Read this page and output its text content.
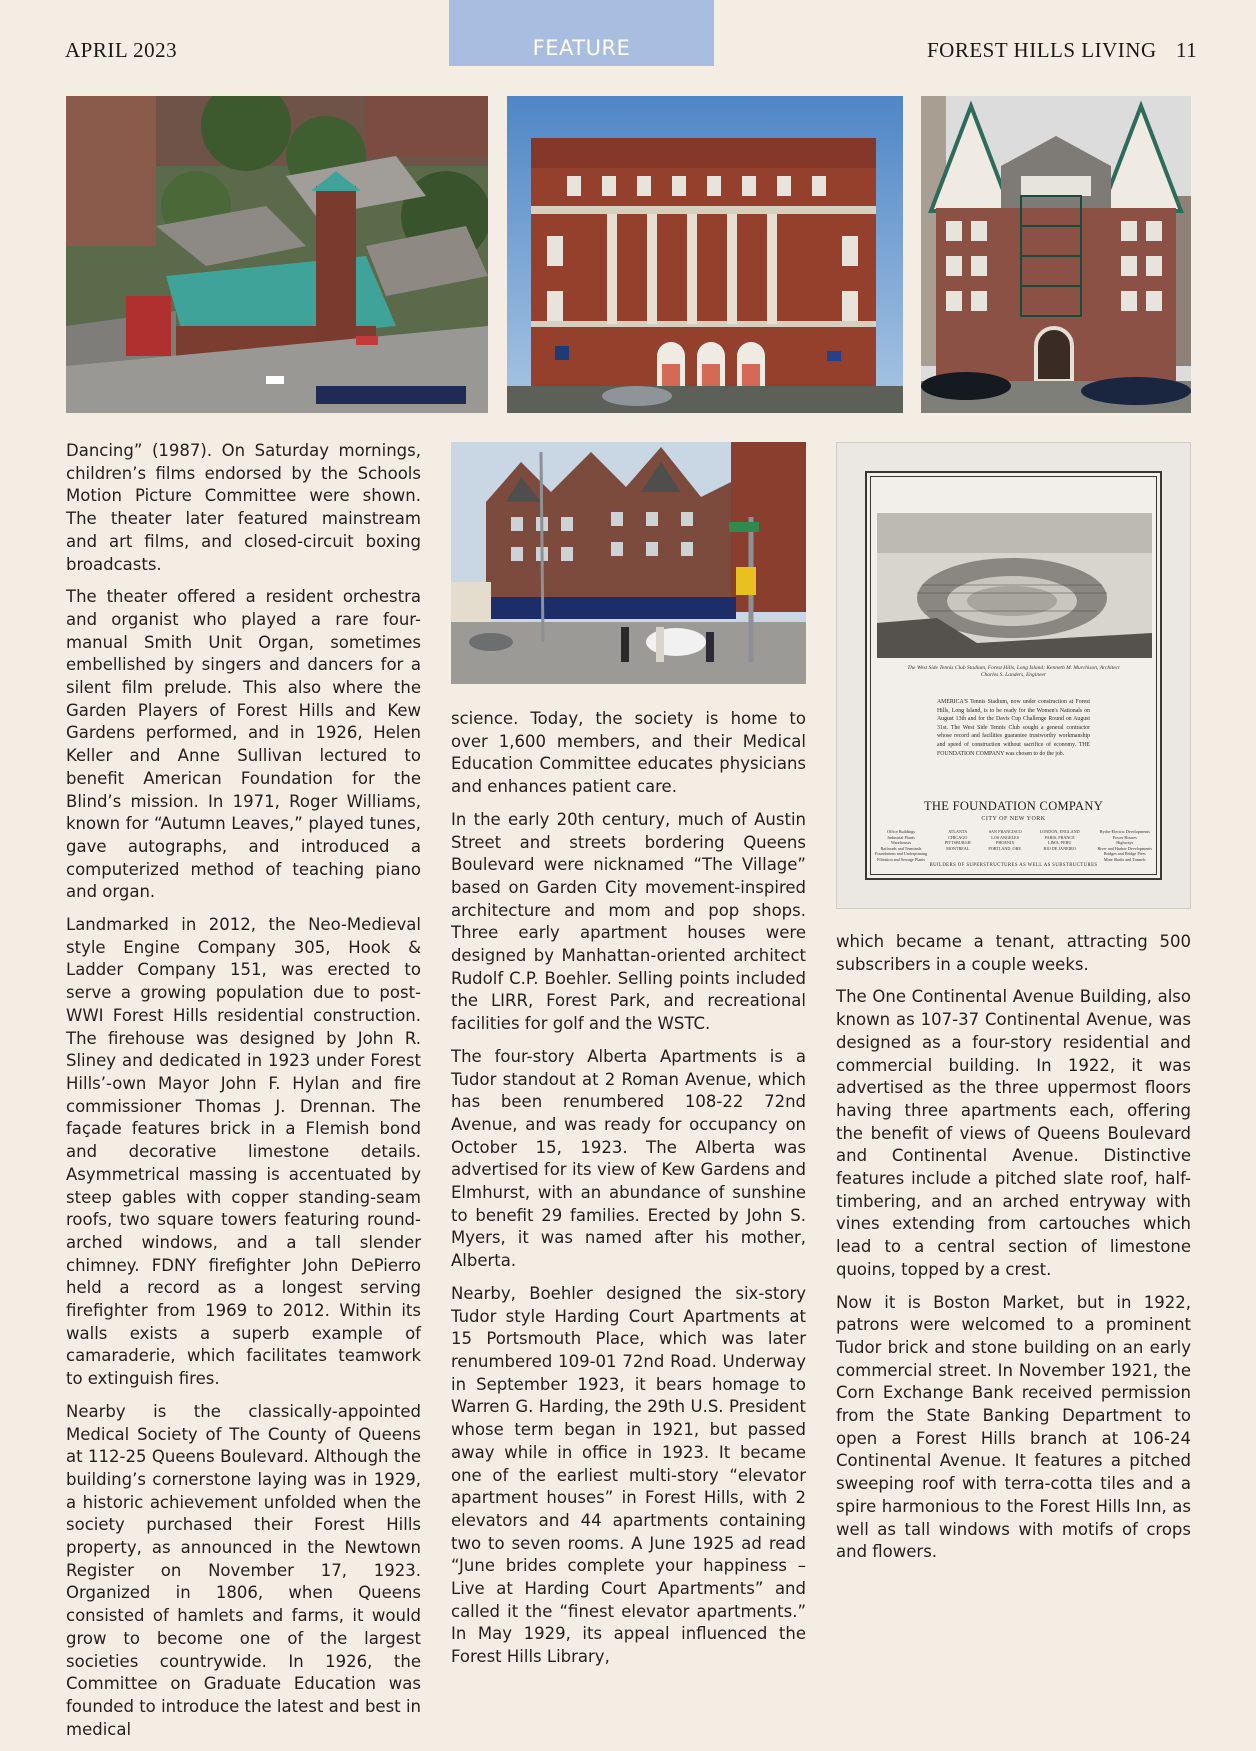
APRIL 2023	FEATURE	FOREST HILLS LIVING 11

Dancing” (1987). On Saturday mornings, children’s films endorsed by the Schools Motion Picture Committee were shown. The theater later featured mainstream and art films, and closed-circuit boxing broadcasts.

The theater offered a resident orchestra and organist who played a rare four-manual Smith Unit Organ, sometimes embellished by singers and dancers for a silent film prelude. This also where the Garden Players of Forest Hills and Kew Gardens performed, and in 1926, Helen Keller and Anne Sullivan lectured to benefit American Foundation for the Blind’s mission. In 1971, Roger Williams, known for “Autumn Leaves,” played tunes, gave autographs, and introduced a computerized method of teaching piano and organ.

Landmarked in 2012, the Neo-Medieval style Engine Company 305, Hook & Ladder Company 151, was erected to serve a growing population due to post-WWI Forest Hills residential construction. The firehouse was designed by John R. Sliney and dedicated in 1923 under Forest Hills’-own Mayor John F. Hylan and fire commissioner Thomas J. Drennan. The façade features brick in a Flemish bond and decorative limestone details. Asymmetrical massing is accentuated by steep gables with copper standing-seam roofs, two square towers featuring round-arched windows, and a tall slender chimney. FDNY firefighter John DePierro held a record as a longest serving firefighter from 1969 to 2012. Within its walls exists a superb example of camaraderie, which facilitates teamwork to extinguish fires.

Nearby is the classically-appointed Medical Society of The County of Queens at 112-25 Queens Boulevard. Although the building’s cornerstone laying was in 1929, a historic achievement unfolded when the society purchased their Forest Hills property, as announced in the Newtown Register on November 17, 1923. Organized in 1806, when Queens consisted of hamlets and farms, it would grow to become one of the largest societies countrywide. In 1926, the Committee on Graduate Education was founded to introduce the latest and best in medical

science. Today, the society is home to over 1,600 members, and their Medical Education Committee educates physicians and enhances patient care.

In the early 20th century, much of Austin Street and streets bordering Queens Boulevard were nicknamed “The Village” based on Garden City movement-inspired architecture and mom and pop shops. Three early apartment houses were designed by Manhattan-oriented architect Rudolf C.P. Boehler. Selling points included the LIRR, Forest Park, and recreational facilities for golf and the WSTC.

The four-story Alberta Apartments is a Tudor standout at 2 Roman Avenue, which has been renumbered 108-22 72nd Avenue, and was ready for occupancy on October 15, 1923. The Alberta was advertised for its view of Kew Gardens and Elmhurst, with an abundance of sunshine to benefit 29 families. Erected by John S. Myers, it was named after his mother, Alberta.

Nearby, Boehler designed the six-story Tudor style Harding Court Apartments at 15 Portsmouth Place, which was later renumbered 109-01 72nd Road. Underway in September 1923, it bears homage to Warren G. Harding, the 29th U.S. President whose term began in 1921, but passed away while in office in 1923. It became one of the earliest multi-story “elevator apartment houses” in Forest Hills, with 2 elevators and 44 apartments containing two to seven rooms. A June 1925 ad read “June brides complete your happiness – Live at Harding Court Apartments” and called it the “finest elevator apartments.” In May 1929, its appeal influenced the Forest Hills Library,

The West Side Tennis Club Stadium, Forest Hills, Long Island; Kenneth M. Murchison, Architect
Charles S. Landers, Engineer
AMERICA'S Tennis Stadium, now under construction at Forest Hills, Long Island, is to be ready for the Women's Nationals on August 13th and for the Davis Cup Challenge Round on August 31st. The West Side Tennis Club sought a general contractor whose record and facilities guarantee trustworthy workmanship and speed of construction without sacrifice of economy. THE FOUNDATION COMPANY was chosen to do the job.
THE FOUNDATION COMPANY
CITY OF NEW YORK
Office Buildings
Industrial Plants
Warehouses
Railroads and Terminals
Foundations and Underpinning
Filtration and Sewage Plants
ATLANTA
CHICAGO
PITTSBURGH
MONTREAL
SAN FRANCISCO
LOS ANGELES
PHOENIX
PORTLAND, ORE.
LONDON, ENGLAND
PARIS, FRANCE
LIMA, PERU
RIO DE JANEIRO
Hydro-Electric Developments
Power Houses
Highways
River and Harbor Developments
Bridges and Bridge Piers
Mine Shafts and Tunnels
BUILDERS OF SUPERSTRUCTURES AS WELL AS SUBSTRUCTURES

which became a tenant, attracting 500 subscribers in a couple weeks.

The One Continental Avenue Building, also known as 107-37 Continental Avenue, was designed as a four-story residential and commercial building. In 1922, it was advertised as the three uppermost floors having three apartments each, offering the benefit of views of Queens Boulevard and Continental Avenue. Distinctive features include a pitched slate roof, half-timbering, and an arched entryway with vines extending from cartouches which lead to a central section of limestone quoins, topped by a crest.

Now it is Boston Market, but in 1922, patrons were welcomed to a prominent Tudor brick and stone building on an early commercial street. In November 1921, the Corn Exchange Bank received permission from the State Banking Department to open a Forest Hills branch at 106-24 Continental Avenue. It features a pitched sweeping roof with terra-cotta tiles and a spire harmonious to the Forest Hills Inn, as well as tall windows with motifs of crops and flowers.
